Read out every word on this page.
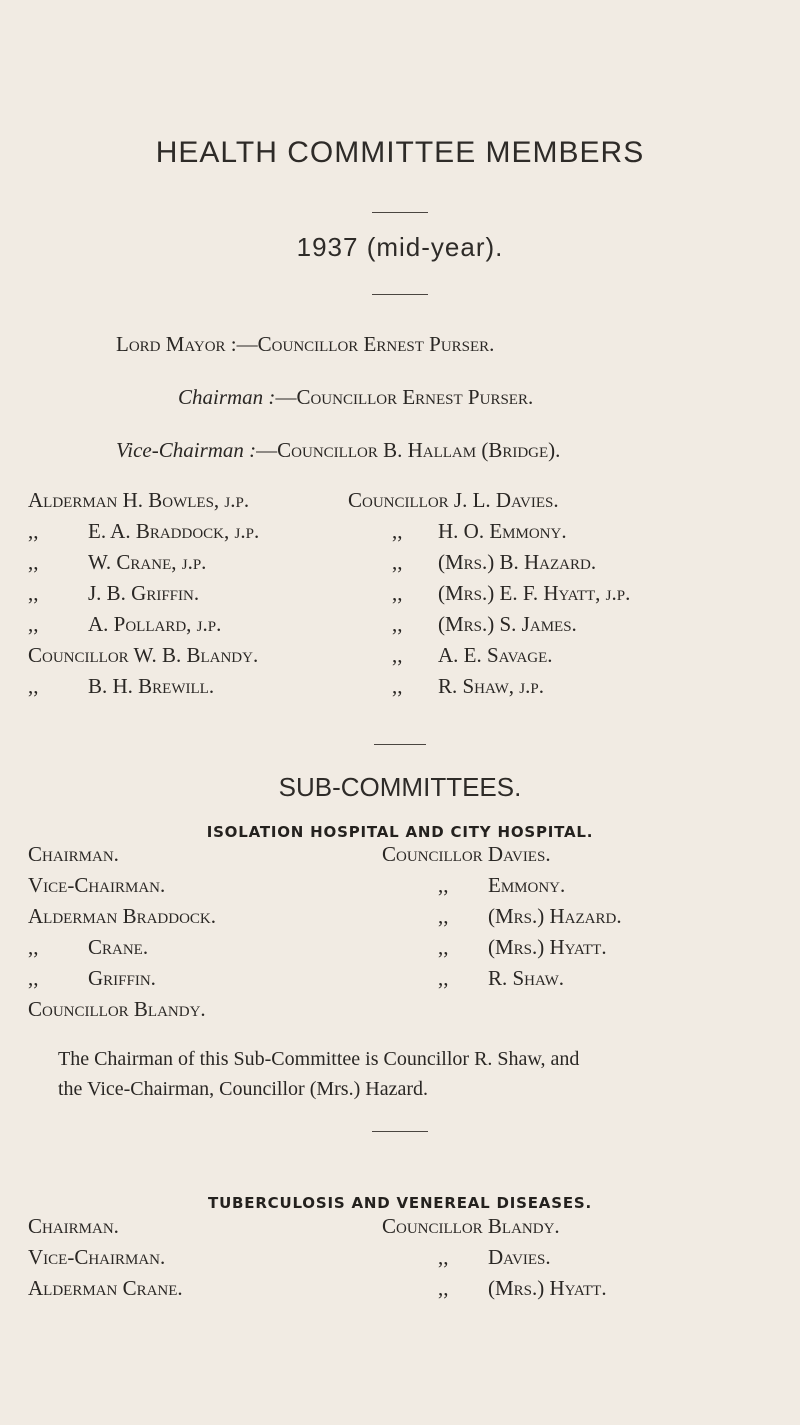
HEALTH COMMITTEE MEMBERS
1937 (mid-year).
Lord Mayor :—Councillor Ernest Purser.
Chairman :—Councillor Ernest Purser.
Vice-Chairman :—Councillor B. Hallam (Bridge).
Alderman H. Bowles, j.p.
,, E. A. Braddock, j.p.
,, W. Crane, j.p.
,, J. B. Griffin.
,, A. Pollard, j.p.
Councillor W. B. Blandy.
,, B. H. Brewill.
Councillor J. L. Davies.
,, H. O. Emmony.
,, (Mrs.) B. Hazard.
,, (Mrs.) E. F. Hyatt, j.p.
,, (Mrs.) S. James.
,, A. E. Savage.
,, R. Shaw, j.p.
SUB-COMMITTEES.
ISOLATION HOSPITAL AND CITY HOSPITAL.
Chairman.
Vice-Chairman.
Alderman Braddock.
,, Crane.
,, Griffin.
Councillor Blandy.
Councillor Davies.
,, Emmony.
,, (Mrs.) Hazard.
,, (Mrs.) Hyatt.
,, R. Shaw.
The Chairman of this Sub-Committee is Councillor R. Shaw, and
the Vice-Chairman, Councillor (Mrs.) Hazard.
TUBERCULOSIS AND VENEREAL DISEASES.
Chairman.
Vice-Chairman.
Alderman Crane.
Councillor Blandy.
,, Davies.
,, (Mrs.) Hyatt.
